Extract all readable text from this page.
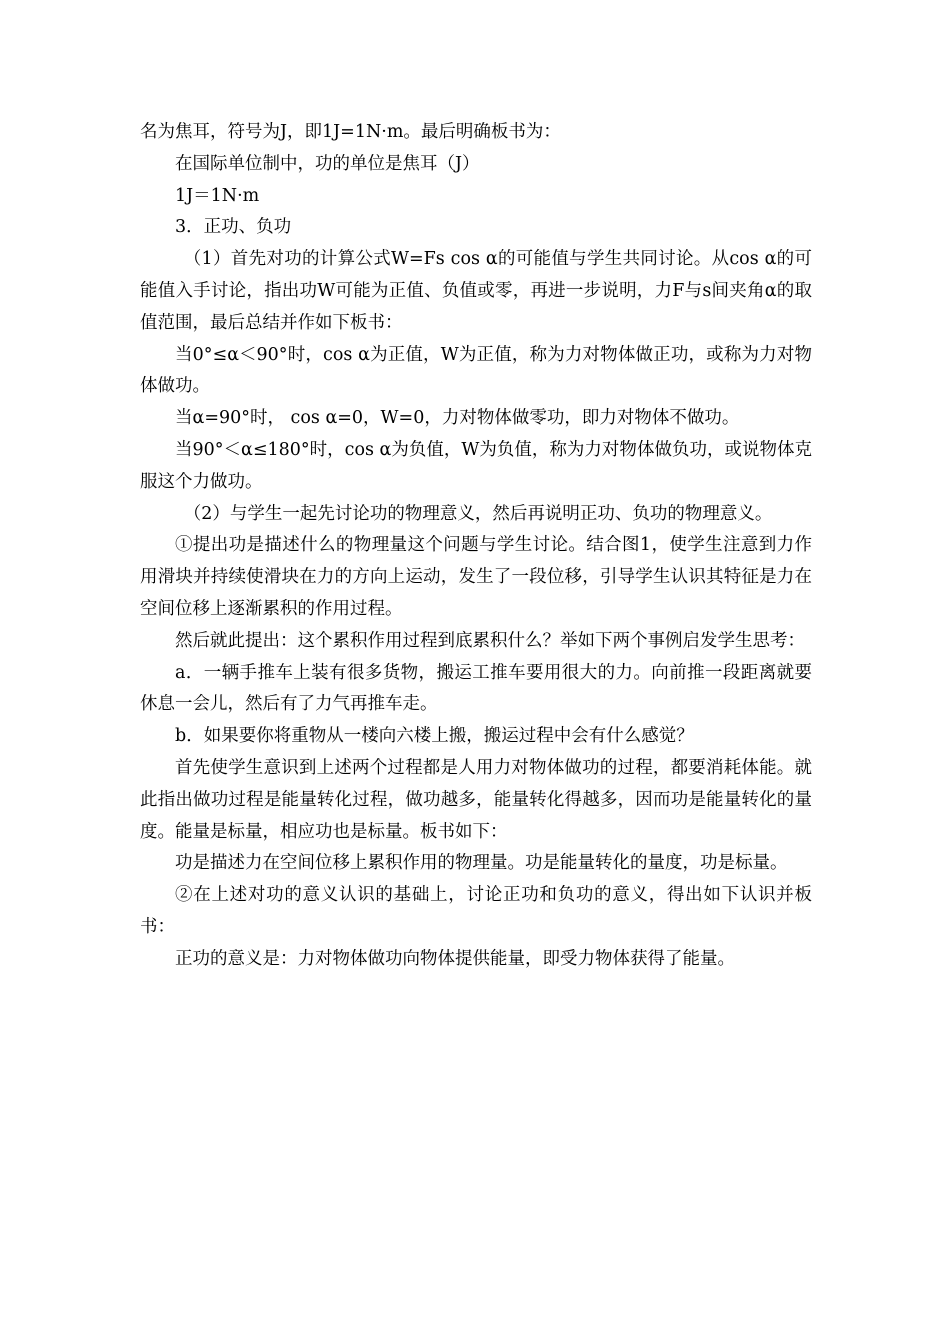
名为焦耳，符号为J，即1J=1N·m。最后明确板书为：

在国际单位制中，功的单位是焦耳（J）

1J＝1N·m

3．正功、负功

（1）首先对功的计算公式W=Fs cos α的可能值与学生共同讨论。从cos α的可能值入手讨论，指出功W可能为正值、负值或零，再进一步说明，力F与s间夹角α的取值范围，最后总结并作如下板书：

当0°≤α＜90°时，cos α为正值，W为正值，称为力对物体做正功，或称为力对物体做功。

当α=90°时， cos α=0，W=0，力对物体做零功，即力对物体不做功。

当90°＜α≤180°时，cos α为负值，W为负值，称为力对物体做负功，或说物体克服这个力做功。

（2）与学生一起先讨论功的物理意义，然后再说明正功、负功的物理意义。

①提出功是描述什么的物理量这个问题与学生讨论。结合图1，使学生注意到力作用滑块并持续使滑块在力的方向上运动，发生了一段位移，引导学生认识其特征是力在空间位移上逐渐累积的作用过程。

然后就此提出：这个累积作用过程到底累积什么？举如下两个事例启发学生思考：

a．一辆手推车上装有很多货物，搬运工推车要用很大的力。向前推一段距离就要休息一会儿，然后有了力气再推车走。

b．如果要你将重物从一楼向六楼上搬，搬运过程中会有什么感觉？

首先使学生意识到上述两个过程都是人用力对物体做功的过程，都要消耗体能。就此指出做功过程是能量转化过程，做功越多，能量转化得越多，因而功是能量转化的量度。能量是标量，相应功也是标量。板书如下：

功是描述力在空间位移上累积作用的物理量。功是能量转化的量度，功是标量。

②在上述对功的意义认识的基础上，讨论正功和负功的意义，得出如下认识并板书：

正功的意义是：力对物体做功向物体提供能量，即受力物体获得了能量。
